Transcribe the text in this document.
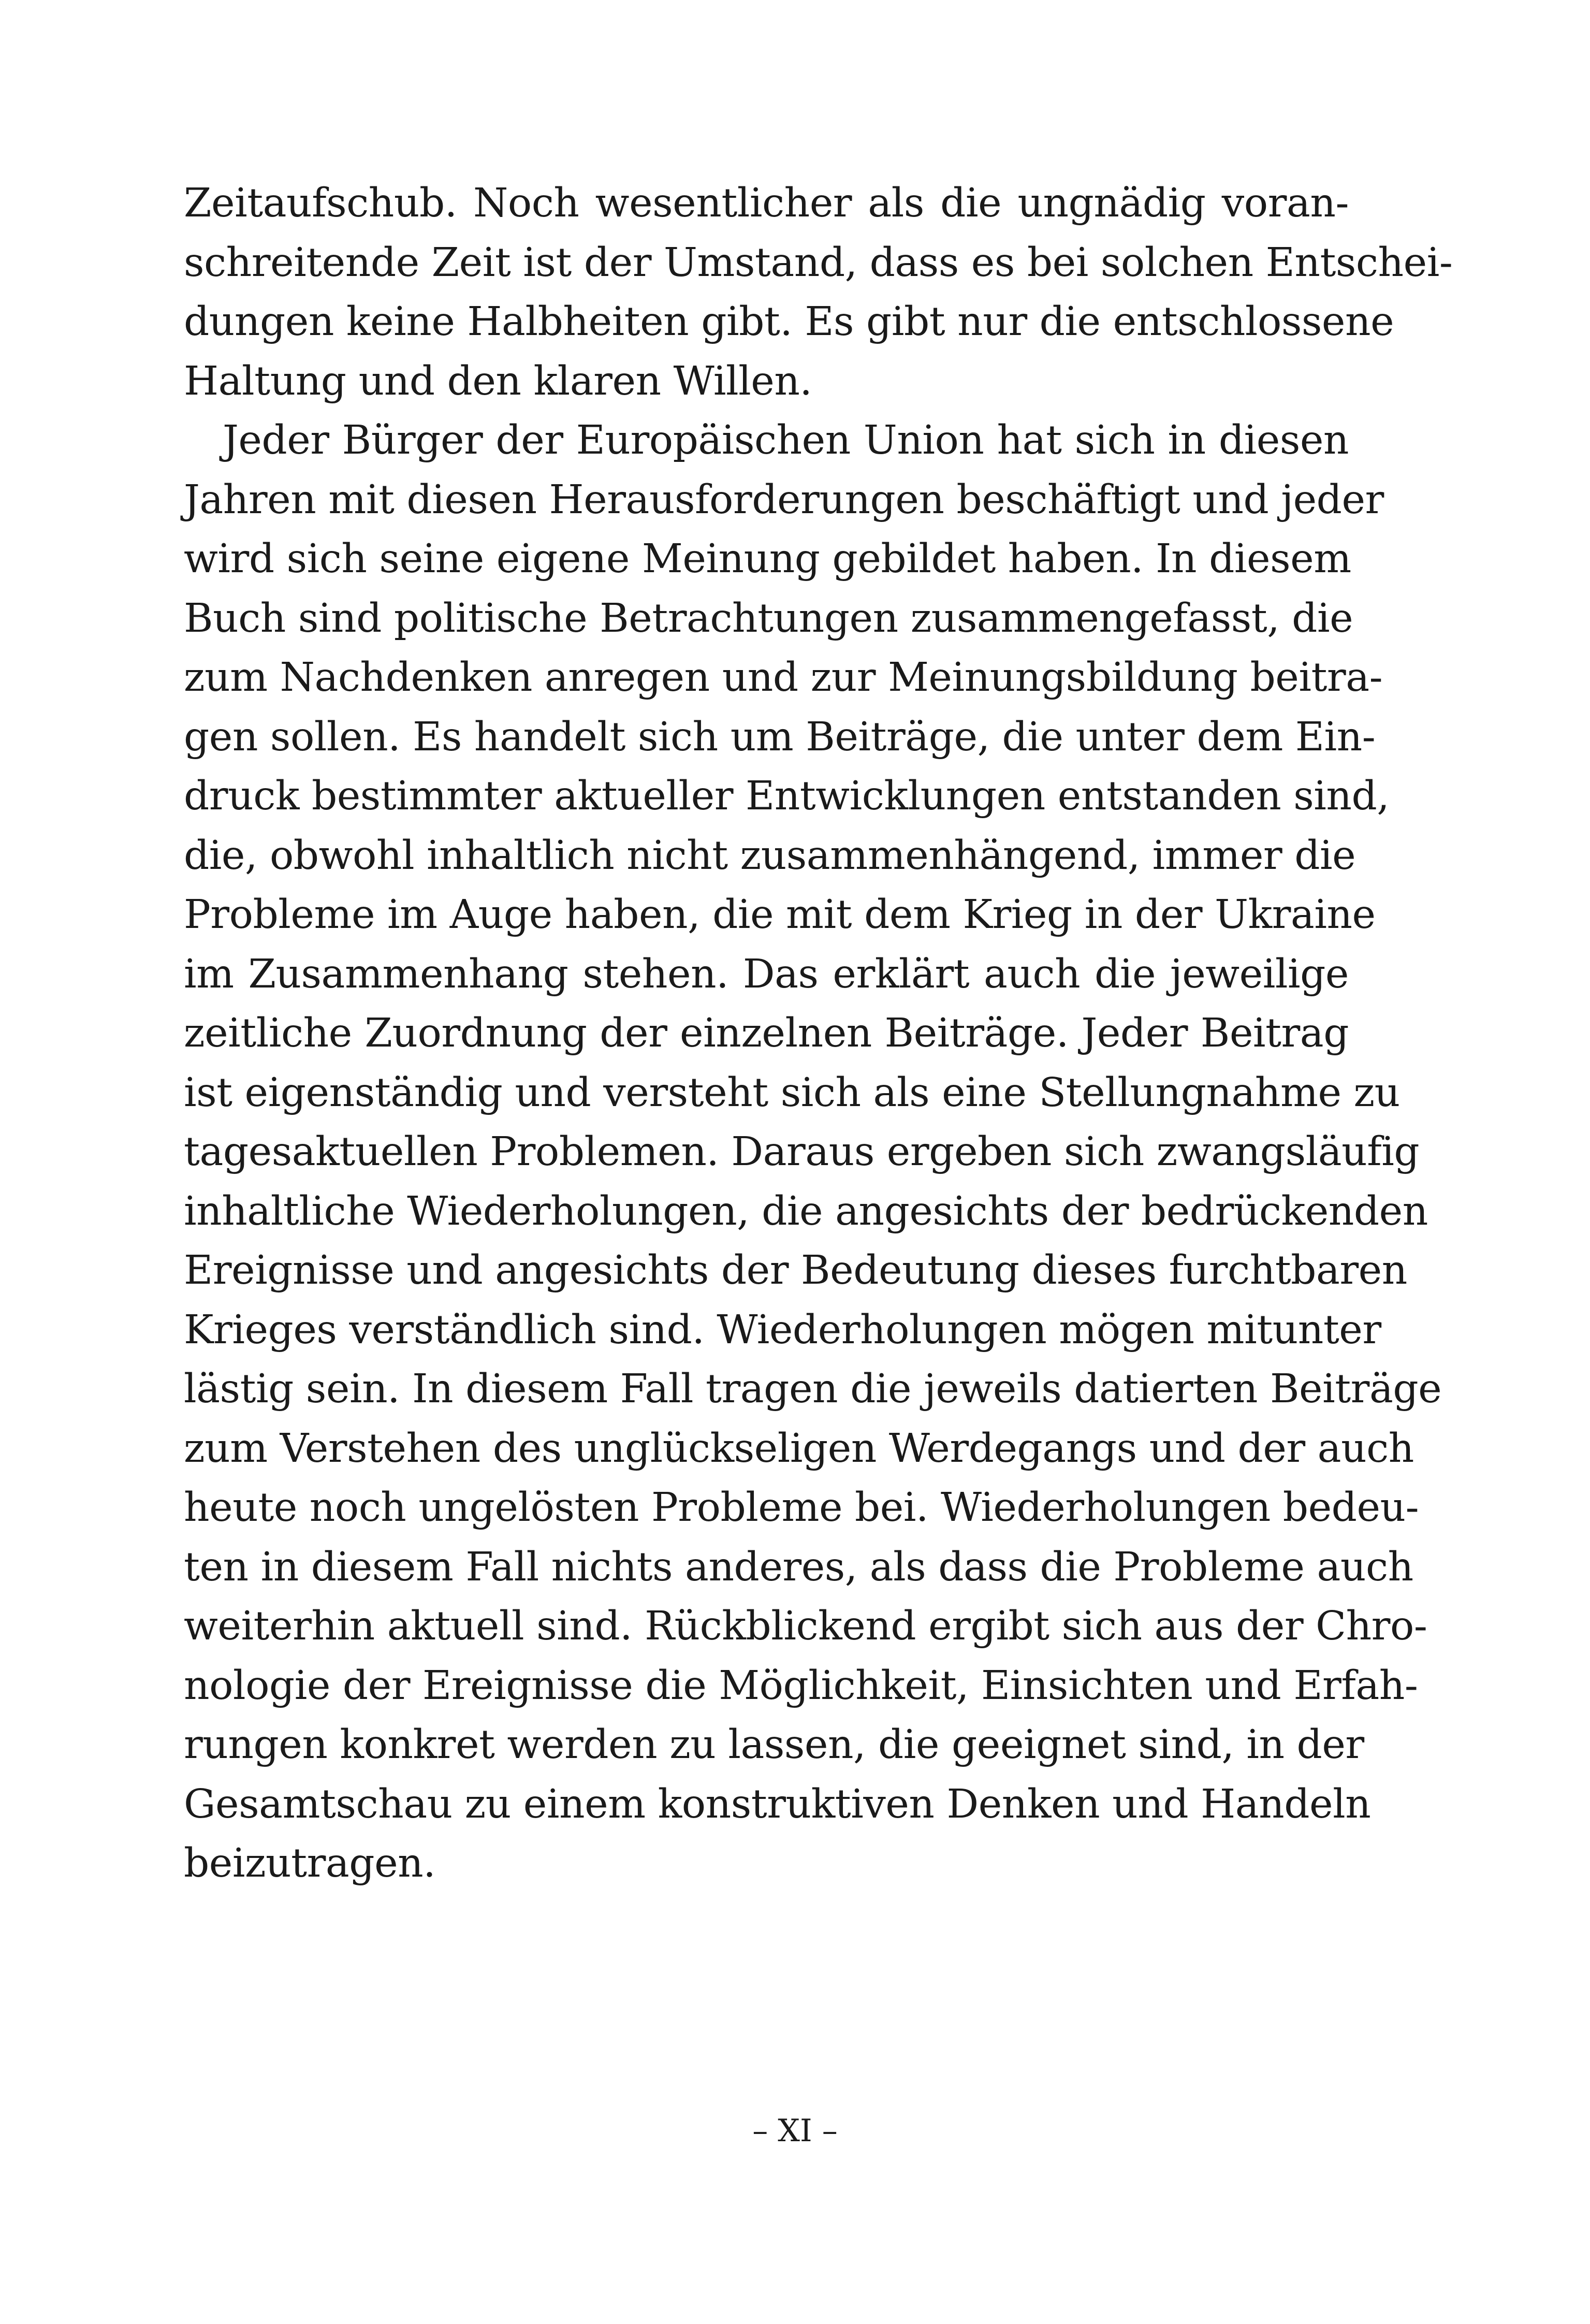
Zeitaufschub. Noch wesentlicher als die ungnädig voran-
schreitende Zeit ist der Umstand, dass es bei solchen Entschei-
dungen keine Halbheiten gibt. Es gibt nur die entschlossene
Haltung und den klaren Willen.
Jeder Bürger der Europäischen Union hat sich in diesen
Jahren mit diesen Herausforderungen beschäftigt und jeder
wird sich seine eigene Meinung gebildet haben. In diesem
Buch sind politische Betrachtungen zusammengefasst, die
zum Nachdenken anregen und zur Meinungsbildung beitra-
gen sollen. Es handelt sich um Beiträge, die unter dem Ein-
druck bestimmter aktueller Entwicklungen entstanden sind,
die, obwohl inhaltlich nicht zusammenhängend, immer die
Probleme im Auge haben, die mit dem Krieg in der Ukraine
im Zusammenhang stehen. Das erklärt auch die jeweilige
zeitliche Zuordnung der einzelnen Beiträge. Jeder Beitrag
ist eigenständig und versteht sich als eine Stellungnahme zu
tagesaktuellen Problemen. Daraus ergeben sich zwangsläufig
inhaltliche Wiederholungen, die angesichts der bedrückenden
Ereignisse und angesichts der Bedeutung dieses furchtbaren
Krieges verständlich sind. Wiederholungen mögen mitunter
lästig sein. In diesem Fall tragen die jeweils datierten Beiträge
zum Verstehen des unglückseligen Werdegangs und der auch
heute noch ungelösten Probleme bei. Wiederholungen bedeu-
ten in diesem Fall nichts anderes, als dass die Probleme auch
weiterhin aktuell sind. Rückblickend ergibt sich aus der Chro-
nologie der Ereignisse die Möglichkeit, Einsichten und Erfah-
rungen konkret werden zu lassen, die geeignet sind, in der
Gesamtschau zu einem konstruktiven Denken und Handeln
beizutragen.
– XI –
